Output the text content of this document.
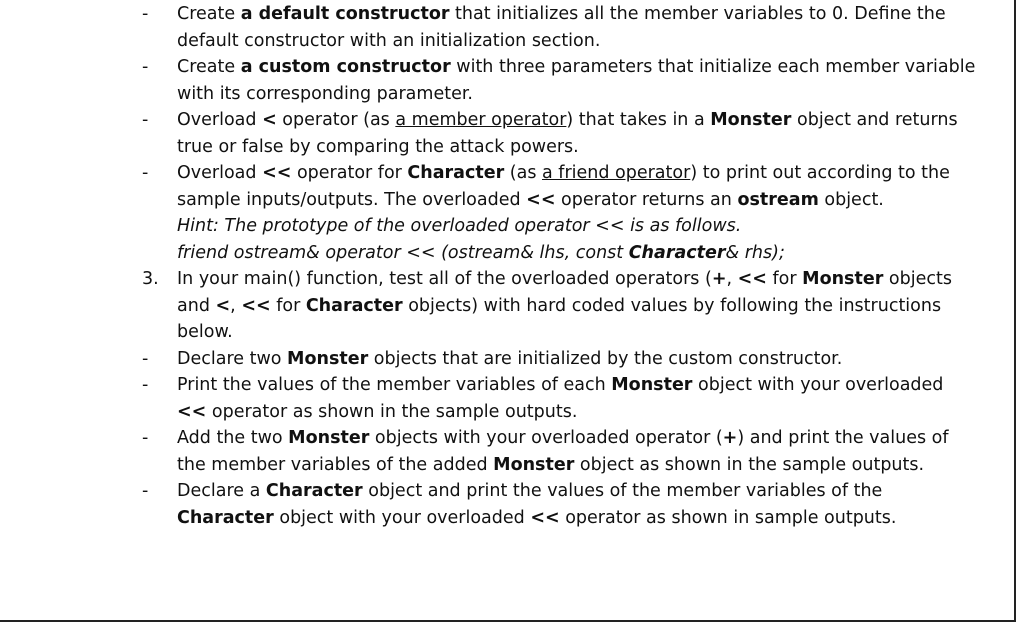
-	Create a default constructor that initializes all the member variables to 0. Define the
default constructor with an initialization section.
-	Create a custom constructor with three parameters that initialize each member variable
with its corresponding parameter.
-	Overload < operator (as a member operator) that takes in a Monster object and returns
true or false by comparing the attack powers.
-	Overload << operator for Character (as a friend operator) to print out according to the
sample inputs/outputs. The overloaded << operator returns an ostream object.
Hint: The prototype of the overloaded operator << is as follows.
friend ostream& operator << (ostream& lhs, const Character& rhs);
3.	In your main() function, test all of the overloaded operators (+, << for Monster objects
and <, << for Character objects) with hard coded values by following the instructions
below.
-	Declare two Monster objects that are initialized by the custom constructor.
-	Print the values of the member variables of each Monster object with your overloaded
<< operator as shown in the sample outputs.
-	Add the two Monster objects with your overloaded operator (+) and print the values of
the member variables of the added Monster object as shown in the sample outputs.
-	Declare a Character object and print the values of the member variables of the
Character object with your overloaded << operator as shown in sample outputs.
